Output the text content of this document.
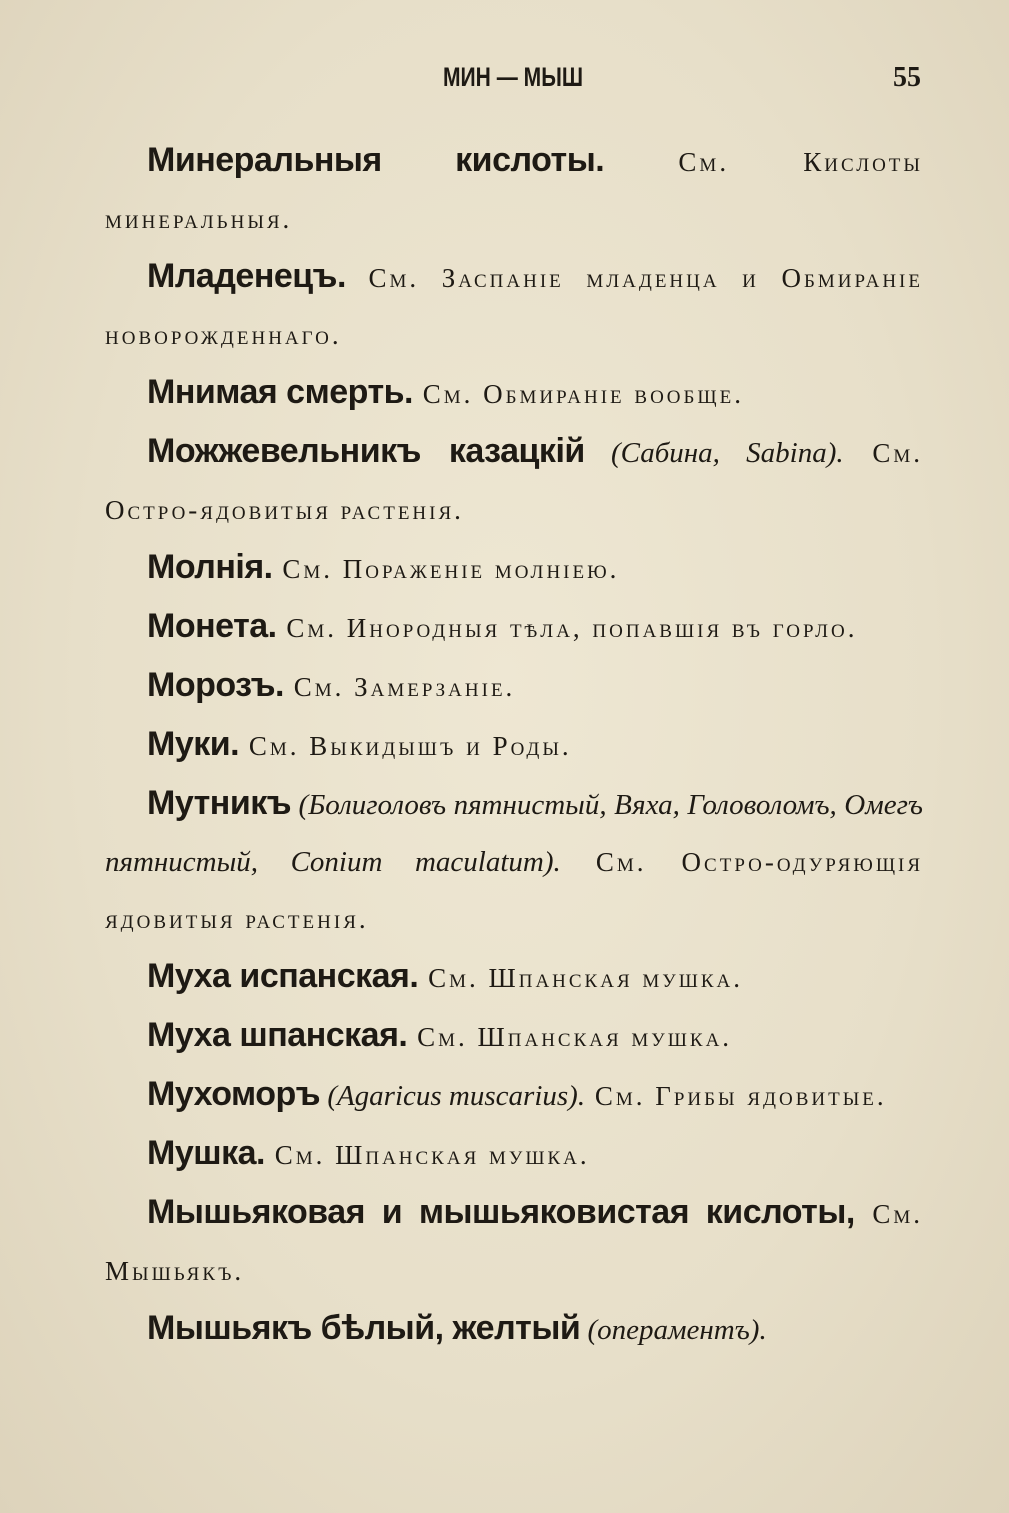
МИН — МЫШ	55

Минеральныя кислоты. См. Кислоты минеральныя.

Младенецъ. См. Заспаніе младенца и Обмираніе новорожденнаго.

Мнимая смерть. См. Обмираніе вообще.

Можжевельникъ казацкій (Сабина, Sabina). См. Остро-ядовитыя растенія.

Молнія. См. Пораженіе молніею.

Монета. См. Инородныя тѣла, попавшія въ горло.

Морозъ. См. Замерзаніе.

Муки. См. Выкидышъ и Роды.

Мутникъ (Болиголовъ пятнистый, Вяха, Головоломъ, Омегъ пятнистый, Conium maculatum). См. Остро-одуряющія ядовитыя растенія.

Муха испанская. См. Шпанская мушка.

Муха шпанская. См. Шпанская мушка.

Мухоморъ (Agaricus muscarius). См. Грибы ядовитые.

Мушка. См. Шпанская мушка.

Мышьяковая и мышьяковистая кислоты, См. Мышьякъ.

Мышьякъ бѣлый, желтый (операментъ).
